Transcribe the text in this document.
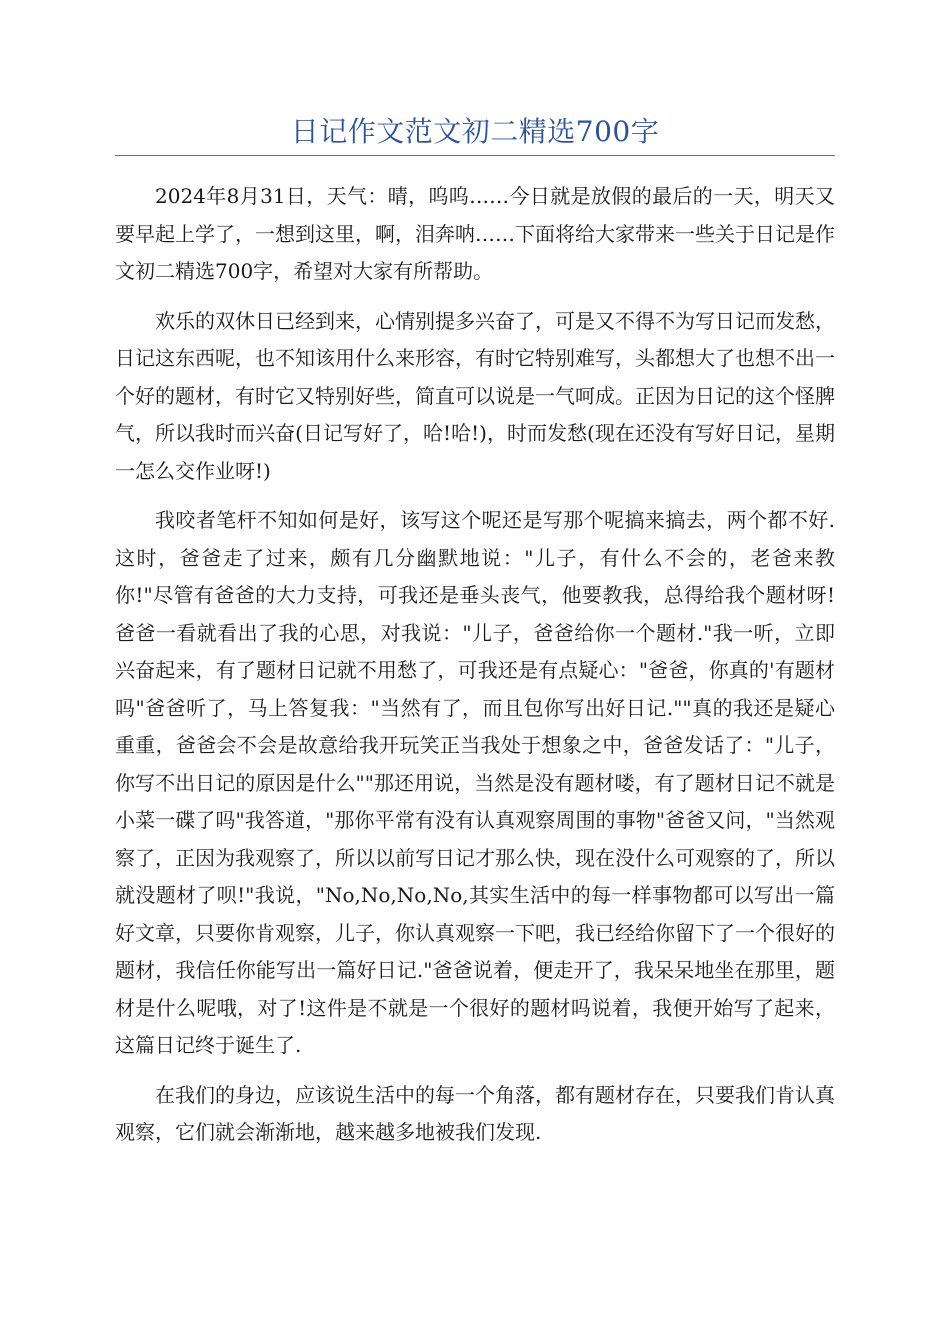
日记作文范文初二精选700字

2024年8月31日，天气：晴，呜呜……今日就是放假的最后的一天，明天又要早起上学了，一想到这里，啊，泪奔呐……下面将给大家带来一些关于日记是作文初二精选700字，希望对大家有所帮助。

欢乐的双休日已经到来，心情别提多兴奋了，可是又不得不为写日记而发愁，日记这东西呢，也不知该用什么来形容，有时它特别难写，头都想大了也想不出一个好的题材，有时它又特别好些，简直可以说是一气呵成。正因为日记的这个怪脾气，所以我时而兴奋(日记写好了，哈!哈!)，时而发愁(现在还没有写好日记，星期一怎么交作业呀!)

我咬者笔杆不知如何是好，该写这个呢还是写那个呢搞来搞去，两个都不好.这时，爸爸走了过来，颇有几分幽默地说："儿子，有什么不会的，老爸来教你!"尽管有爸爸的大力支持，可我还是垂头丧气，他要教我，总得给我个题材呀!爸爸一看就看出了我的心思，对我说："儿子，爸爸给你一个题材."我一听，立即兴奋起来，有了题材日记就不用愁了，可我还是有点疑心："爸爸，你真的'有题材吗"爸爸听了，马上答复我："当然有了，而且包你写出好日记.""真的我还是疑心重重，爸爸会不会是故意给我开玩笑正当我处于想象之中，爸爸发话了："儿子，你写不出日记的原因是什么""那还用说，当然是没有题材喽，有了题材日记不就是小菜一碟了吗"我答道，"那你平常有没有认真观察周围的事物"爸爸又问，"当然观察了，正因为我观察了，所以以前写日记才那么快，现在没什么可观察的了，所以就没题材了呗!"我说，"No,No,No,No,其实生活中的每一样事物都可以写出一篇好文章，只要你肯观察，儿子，你认真观察一下吧，我已经给你留下了一个很好的题材，我信任你能写出一篇好日记."爸爸说着，便走开了，我呆呆地坐在那里，题材是什么呢哦，对了!这件是不就是一个很好的题材吗说着，我便开始写了起来，这篇日记终于诞生了.

在我们的身边，应该说生活中的每一个角落，都有题材存在，只要我们肯认真观察，它们就会渐渐地，越来越多地被我们发现.
